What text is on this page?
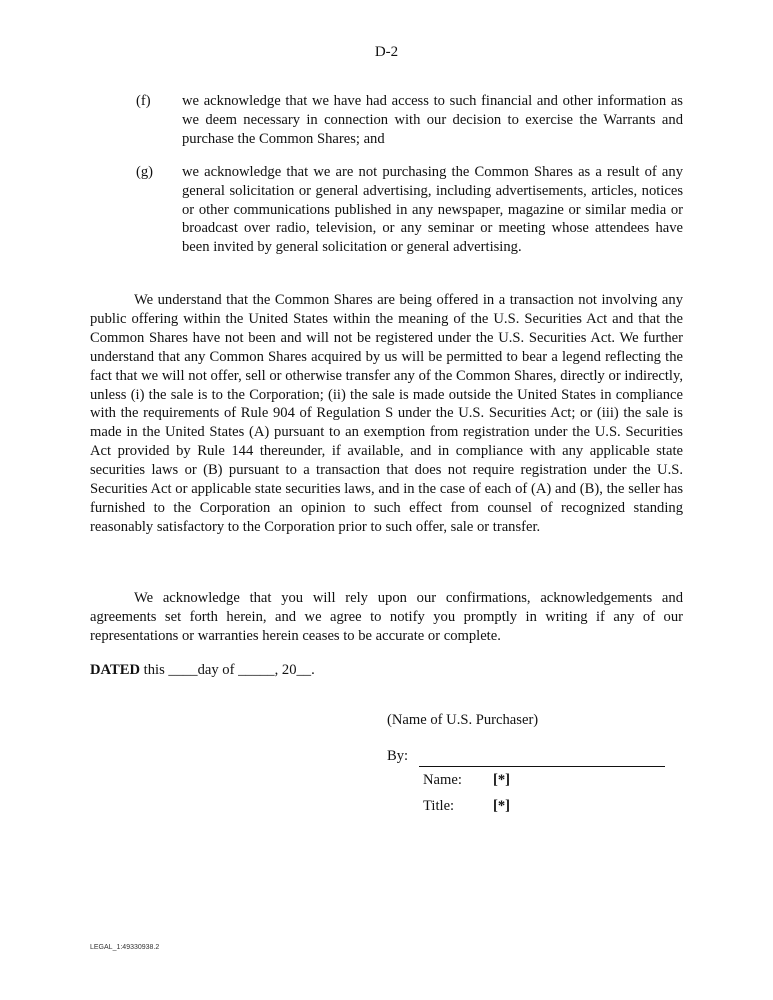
D-2
(f) we acknowledge that we have had access to such financial and other information as we deem necessary in connection with our decision to exercise the Warrants and purchase the Common Shares; and
(g) we acknowledge that we are not purchasing the Common Shares as a result of any general solicitation or general advertising, including advertisements, articles, notices or other communications published in any newspaper, magazine or similar media or broadcast over radio, television, or any seminar or meeting whose attendees have been invited by general solicitation or general advertising.
We understand that the Common Shares are being offered in a transaction not involving any public offering within the United States within the meaning of the U.S. Securities Act and that the Common Shares have not been and will not be registered under the U.S. Securities Act. We further understand that any Common Shares acquired by us will be permitted to bear a legend reflecting the fact that we will not offer, sell or otherwise transfer any of the Common Shares, directly or indirectly, unless (i) the sale is to the Corporation; (ii) the sale is made outside the United States in compliance with the requirements of Rule 904 of Regulation S under the U.S. Securities Act; or (iii) the sale is made in the United States (A) pursuant to an exemption from registration under the U.S. Securities Act provided by Rule 144 thereunder, if available, and in compliance with any applicable state securities laws or (B) pursuant to a transaction that does not require registration under the U.S. Securities Act or applicable state securities laws, and in the case of each of (A) and (B), the seller has furnished to the Corporation an opinion to such effect from counsel of recognized standing reasonably satisfactory to the Corporation prior to such offer, sale or transfer.
We acknowledge that you will rely upon our confirmations, acknowledgements and agreements set forth herein, and we agree to notify you promptly in writing if any of our representations or warranties herein ceases to be accurate or complete.
DATED this ____day of _____, 20__.
(Name of U.S. Purchaser)
By:
Name: [*]
Title:	[*]
LEGAL_1:49330938.2
